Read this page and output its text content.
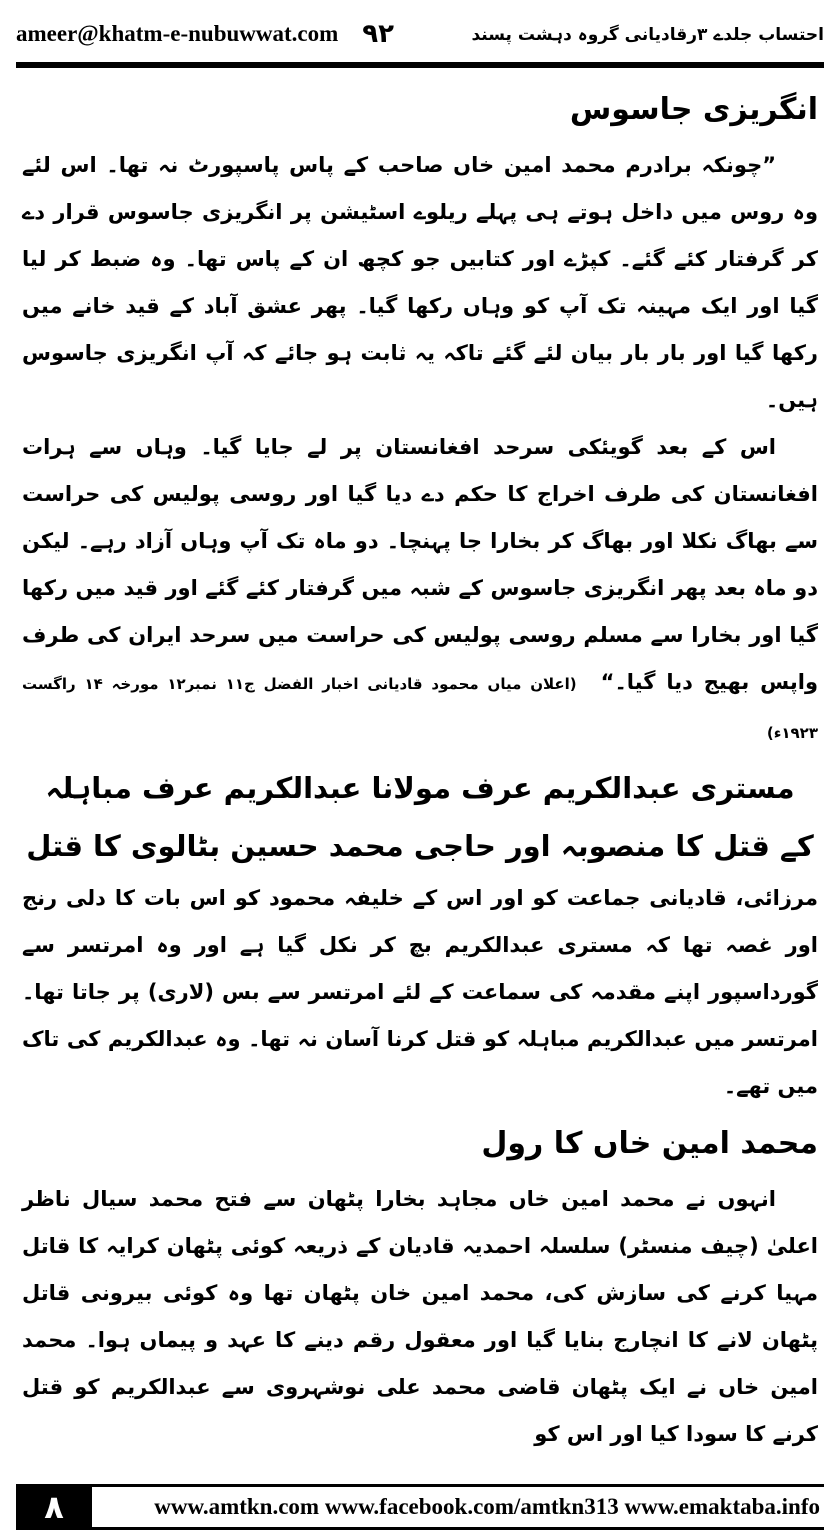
ameer@khatm-e-nubuwwat.com ۹۲	احتساب جلدے ۳رقادیانی گروہ دہشت پسند
انگریزی جاسوس

”چونکہ برادرم محمد امین خاں صاحب کے پاس پاسپورٹ نہ تھا۔ اس لئے وہ روس میں داخل ہوتے ہی پہلے ریلوے اسٹیشن پر انگریزی جاسوس قرار دے کر گرفتار کئے گئے۔ کپڑے اور کتابیں جو کچھ ان کے پاس تھا۔ وہ ضبط کر لیا گیا اور ایک مہینہ تک آپ کو وہاں رکھا گیا۔ پھر عشق آباد کے قید خانے میں رکھا گیا اور بار بار بیان لئے گئے تاکہ یہ ثابت ہو جائے کہ آپ انگریزی جاسوس ہیں۔

اس کے بعد گویئکی سرحد افغانستان پر لے جایا گیا۔ وہاں سے ہرات افغانستان کی طرف اخراج کا حکم دے دیا گیا اور روسی پولیس کی حراست سے بھاگ نکلا اور بھاگ کر بخارا جا پہنچا۔ دو ماہ تک آپ وہاں آزاد رہے۔ لیکن دو ماہ بعد پھر انگریزی جاسوس کے شبہ میں گرفتار کئے گئے اور قید میں رکھا گیا اور بخارا سے مسلم روسی پولیس کی حراست میں سرحد ایران کی طرف واپس بھیج دیا گیا۔“(اعلان میاں محمود قادیانی اخبار الفضل ج۱۱ نمبر۱۲ مورخہ ۱۴ راگست ۱۹۲۳ء)

مستری عبدالکریم عرف مولانا عبدالکریم عرف مباہلہ
کے قتل کا منصوبہ اور حاجی محمد حسین بٹالوی کا قتل

مرزائی، قادیانی جماعت کو اور اس کے خلیفہ محمود کو اس بات کا دلی رنج اور غصہ تھا کہ مستری عبدالکریم بچ کر نکل گیا ہے اور وہ امرتسر سے گورداسپور اپنے مقدمہ کی سماعت کے لئے امرتسر سے بس (لاری) پر جاتا تھا۔ امرتسر میں عبدالکریم مباہلہ کو قتل کرنا آسان نہ تھا۔ وہ عبدالکریم کی تاک میں تھے۔

محمد امین خاں کا رول

انہوں نے محمد امین خاں مجاہد بخارا پٹھان سے فتح محمد سیال ناظر اعلیٰ (چیف منسٹر) سلسلہ احمدیہ قادیان کے ذریعہ کوئی پٹھان کرایہ کا قاتل مہیا کرنے کی سازش کی، محمد امین خان پٹھان تھا وہ کوئی بیرونی قاتل پٹھان لانے کا انچارج بنایا گیا اور معقول رقم دینے کا عہد و پیماں ہوا۔ محمد امین خاں نے ایک پٹھان قاضی محمد علی نوشہروی سے عبدالکریم کو قتل کرنے کا سودا کیا اور اس کو

۸	www.amtkn.com www.facebook.com/amtkn313 www.emaktaba.info
